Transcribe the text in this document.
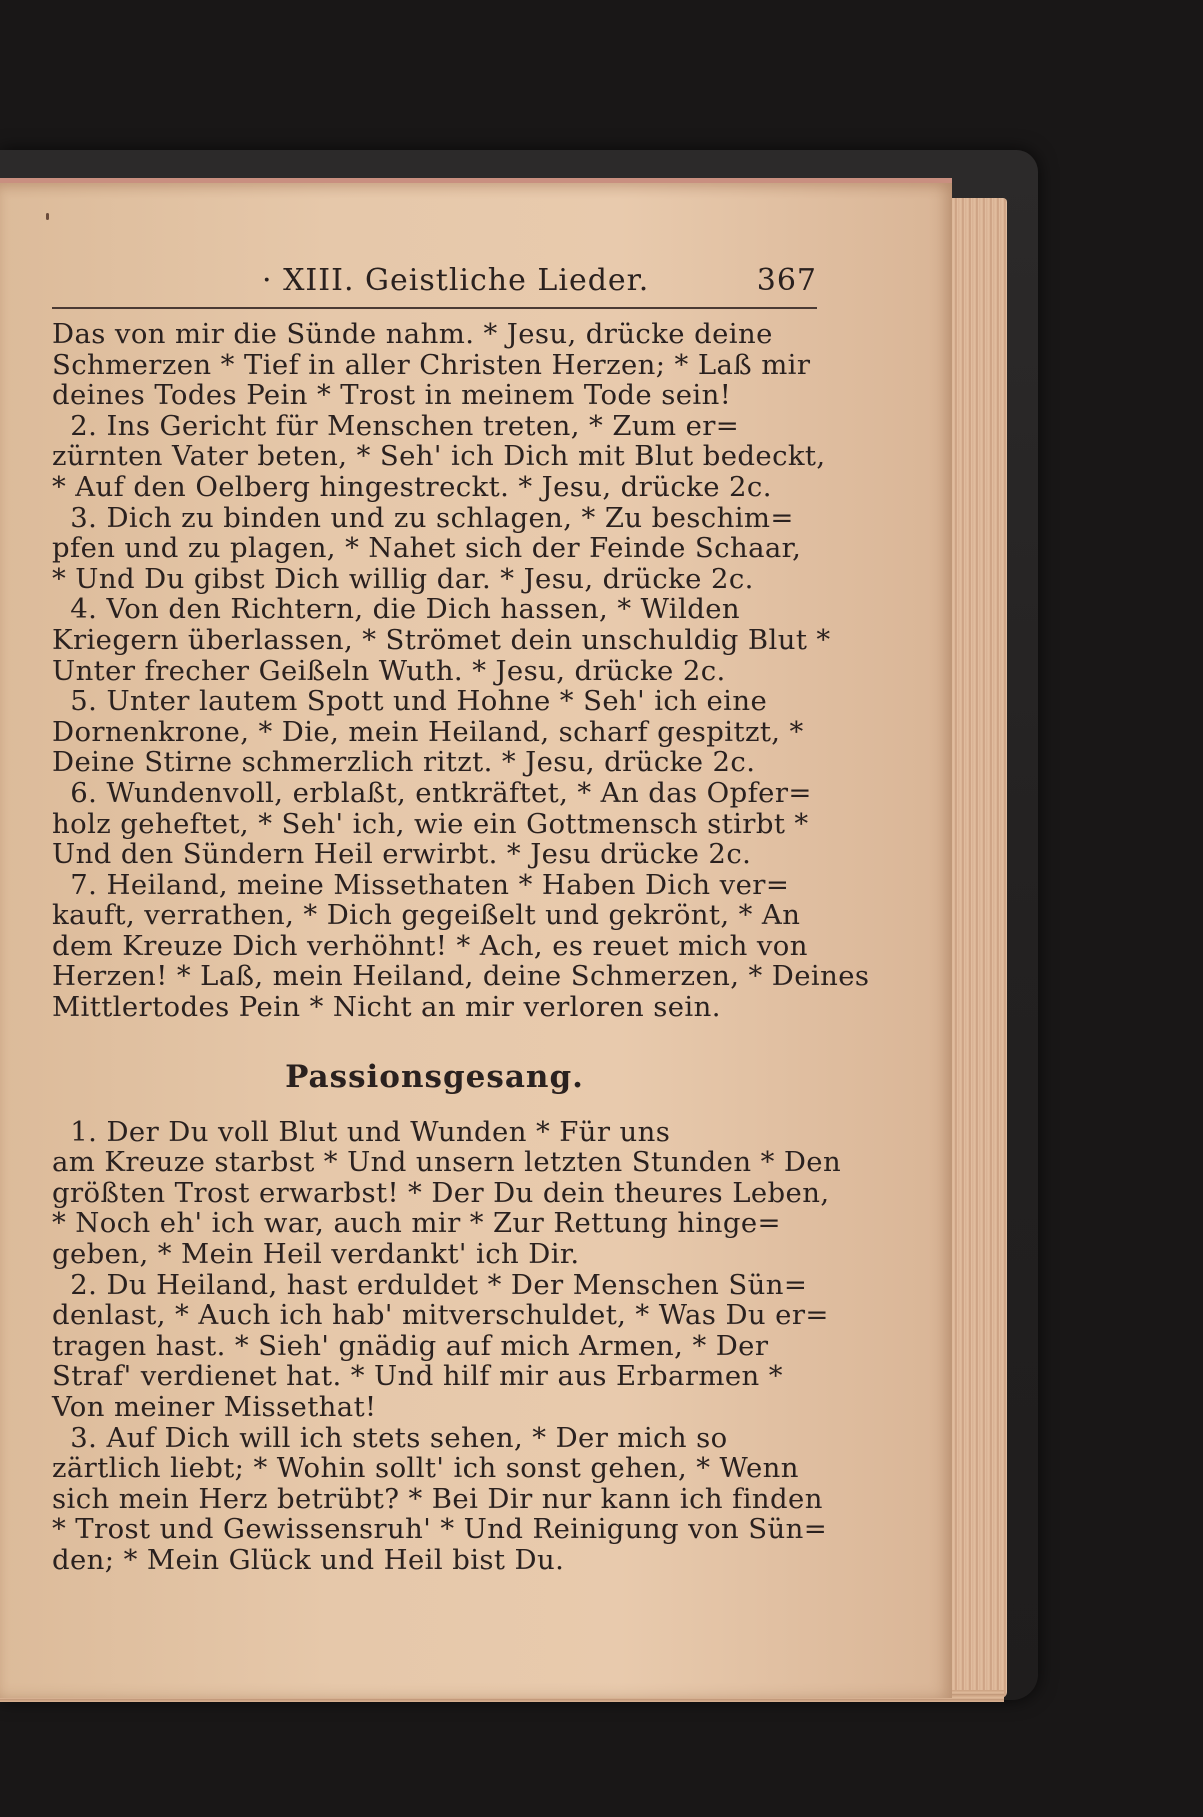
· XIII. Geistliche Lieder.	367
Das von mir die Sünde nahm. * Jesu, drücke deine
Schmerzen * Tief in aller Christen Herzen; * Laß mir
deines Todes Pein * Trost in meinem Tode sein!
2. Ins Gericht für Menschen treten, * Zum er=
zürnten Vater beten, * Seh' ich Dich mit Blut bedeckt,
* Auf den Oelberg hingestreckt. * Jesu, drücke 2c.
3. Dich zu binden und zu schlagen, * Zu beschim=
pfen und zu plagen, * Nahet sich der Feinde Schaar,
* Und Du gibst Dich willig dar. * Jesu, drücke 2c.
4. Von den Richtern, die Dich hassen, * Wilden
Kriegern überlassen, * Strömet dein unschuldig Blut *
Unter frecher Geißeln Wuth. * Jesu, drücke 2c.
5. Unter lautem Spott und Hohne * Seh' ich eine
Dornenkrone, * Die, mein Heiland, scharf gespitzt, *
Deine Stirne schmerzlich ritzt. * Jesu, drücke 2c.
6. Wundenvoll, erblaßt, entkräftet, * An das Opfer=
holz geheftet, * Seh' ich, wie ein Gottmensch stirbt *
Und den Sündern Heil erwirbt. * Jesu drücke 2c.
7. Heiland, meine Missethaten * Haben Dich ver=
kauft, verrathen, * Dich gegeißelt und gekrönt, * An
dem Kreuze Dich verhöhnt! * Ach, es reuet mich von
Herzen! * Laß, mein Heiland, deine Schmerzen, * Deines
Mittlertodes Pein * Nicht an mir verloren sein.
Passionsgesang.
1. Der Du voll Blut und Wunden * Für uns
am Kreuze starbst * Und unsern letzten Stunden * Den
größten Trost erwarbst! * Der Du dein theures Leben,
* Noch eh' ich war, auch mir * Zur Rettung hinge=
geben, * Mein Heil verdankt' ich Dir.
2. Du Heiland, hast erduldet * Der Menschen Sün=
denlast, * Auch ich hab' mitverschuldet, * Was Du er=
tragen hast. * Sieh' gnädig auf mich Armen, * Der
Straf' verdienet hat. * Und hilf mir aus Erbarmen *
Von meiner Missethat!
3. Auf Dich will ich stets sehen, * Der mich so
zärtlich liebt; * Wohin sollt' ich sonst gehen, * Wenn
sich mein Herz betrübt? * Bei Dir nur kann ich finden
* Trost und Gewissensruh' * Und Reinigung von Sün=
den; * Mein Glück und Heil bist Du.
